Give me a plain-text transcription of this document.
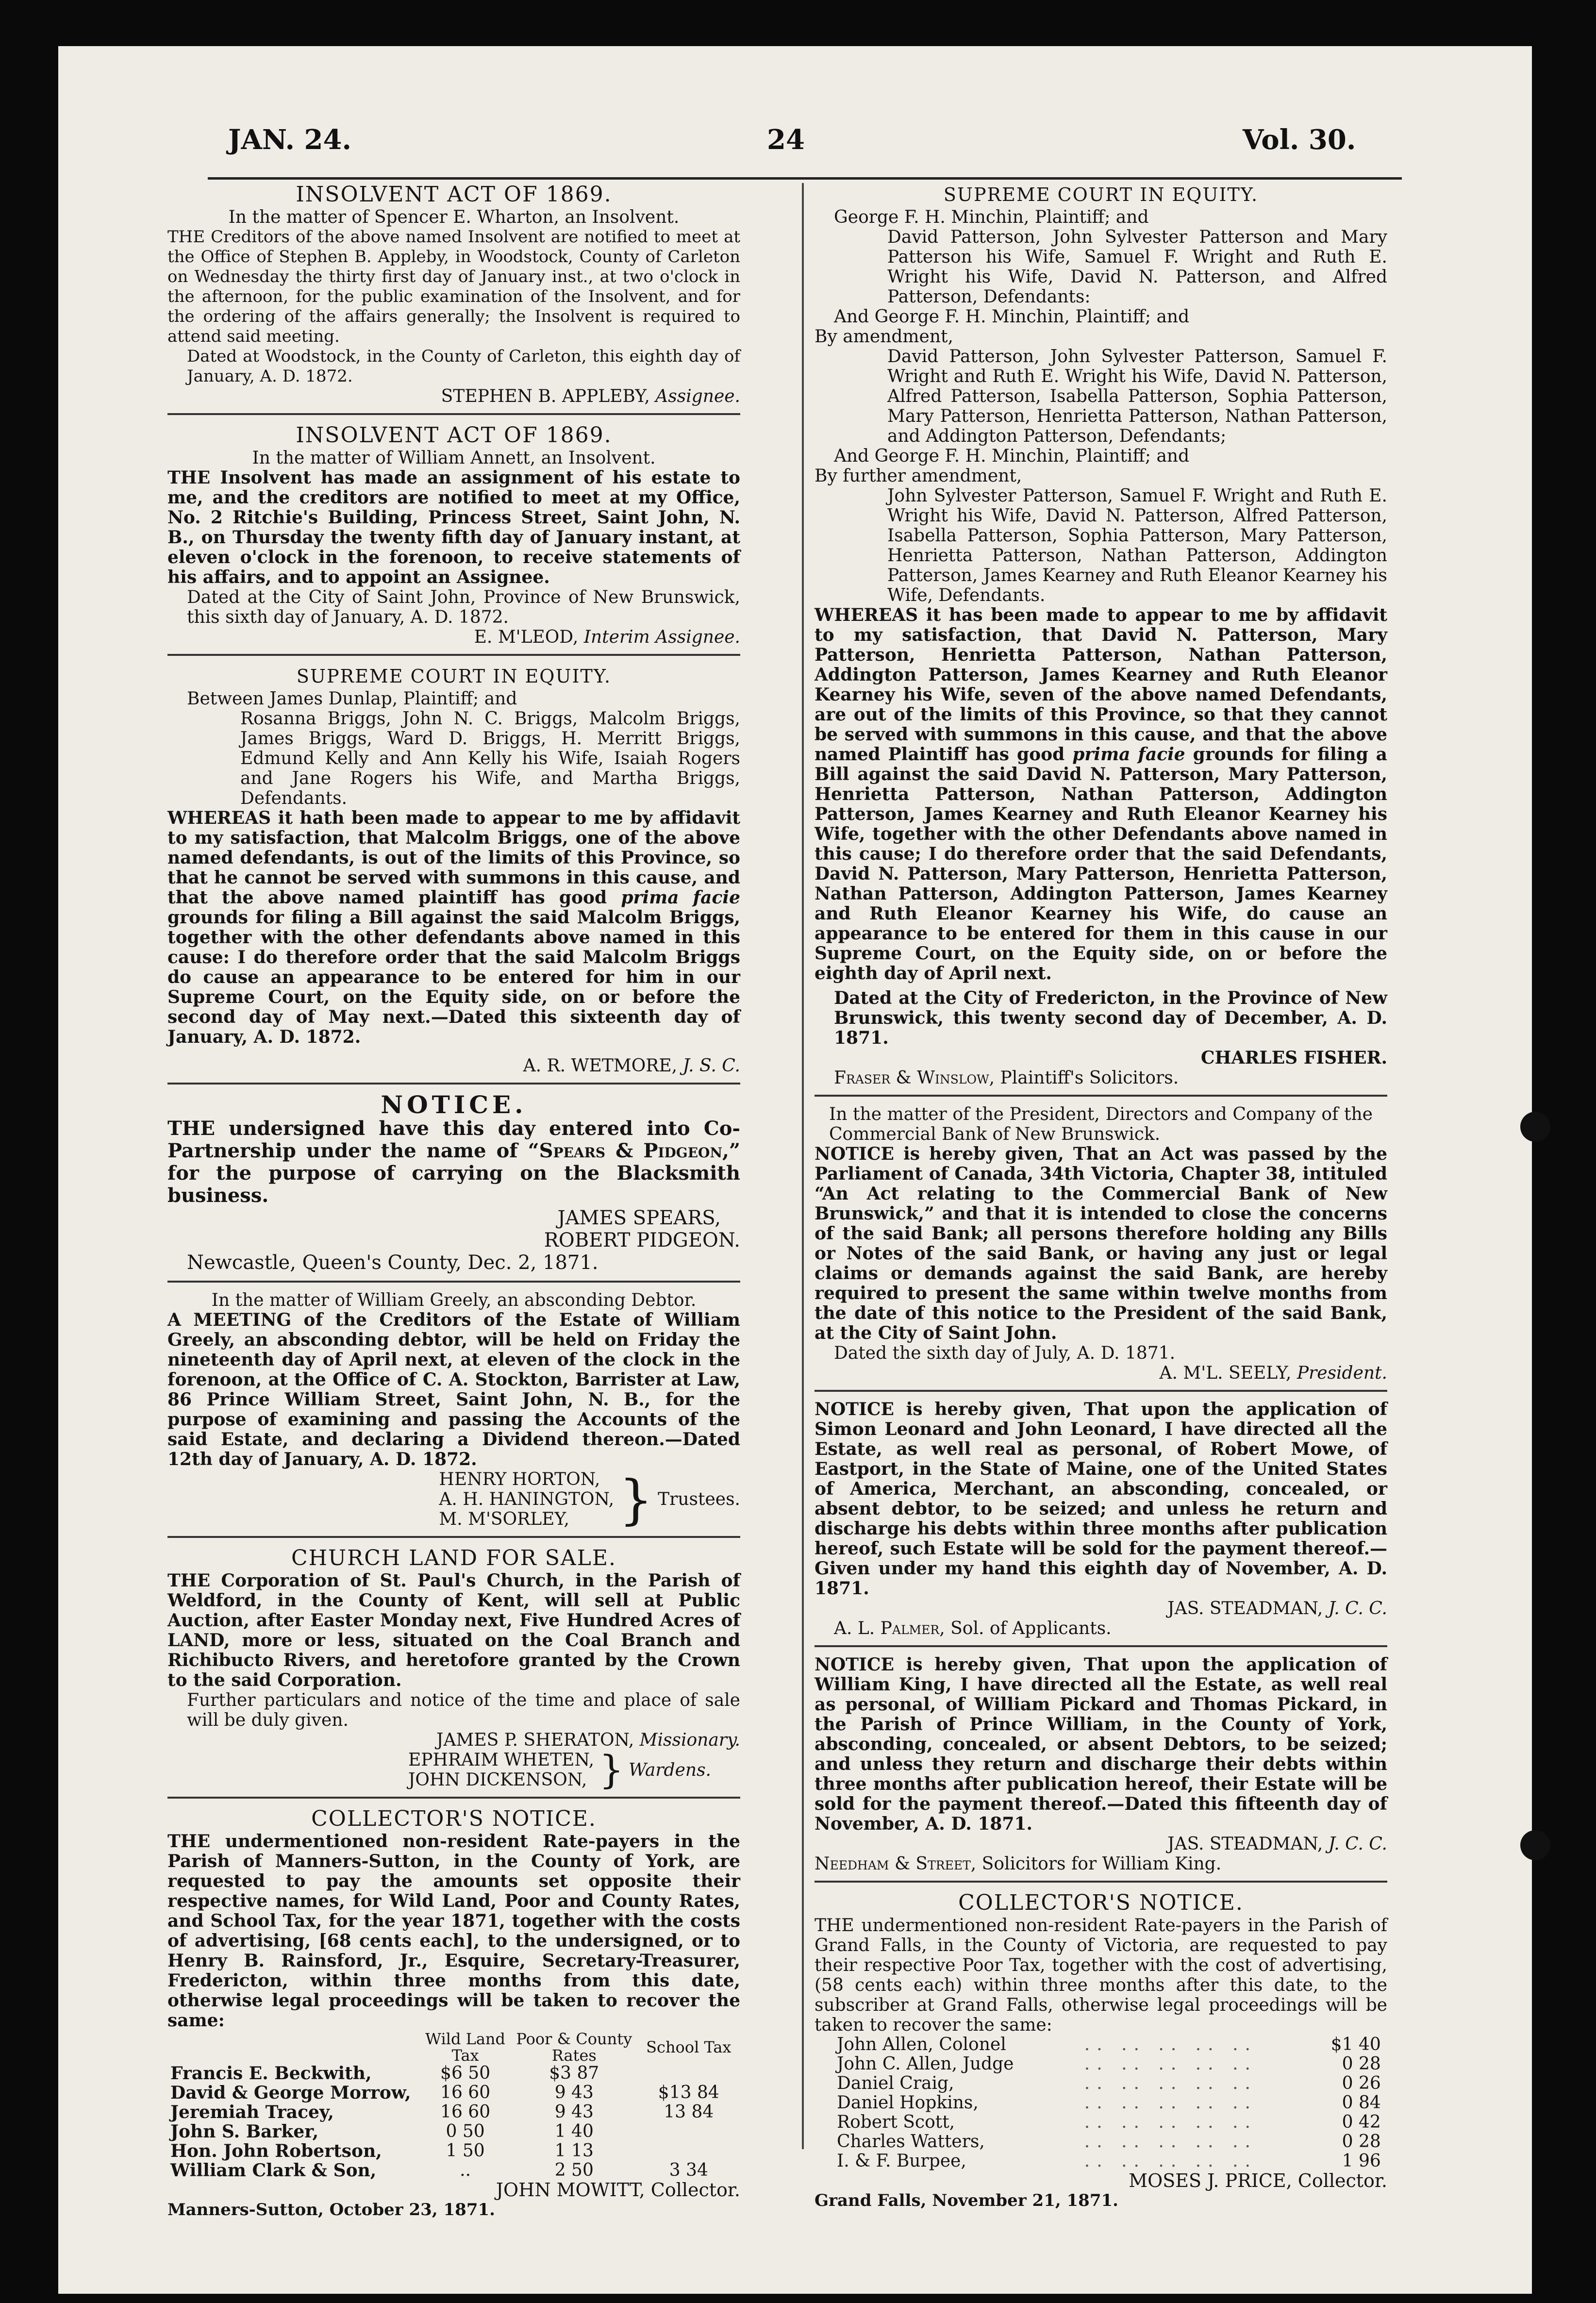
JAN. 24.	24	Vol. 30.
INSOLVENT ACT OF 1869.
In the matter of Spencer E. Wharton, an Insolvent.
THE Creditors of the above named Insolvent are notified to meet at the Office of Stephen B. Appleby, in Woodstock, County of Carleton on Wednesday the thirty first day of January inst., at two o'clock in the afternoon, for the public examination of the Insolvent, and for the ordering of the affairs generally; the Insolvent is required to attend said meeting.
Dated at Woodstock, in the County of Carleton, this eighth day of January, A. D. 1872.
STEPHEN B. APPLEBY, Assignee.
INSOLVENT ACT OF 1869.
In the matter of William Annett, an Insolvent.
THE Insolvent has made an assignment of his estate to me, and the creditors are notified to meet at my Office, No. 2 Ritchie's Building, Princess Street, Saint John, N. B., on Thursday the twenty fifth day of January instant, at eleven o'clock in the forenoon, to receive statements of his affairs, and to appoint an Assignee.
Dated at the City of Saint John, Province of New Brunswick, this sixth day of January, A. D. 1872.
E. M'LEOD, Interim Assignee.
SUPREME COURT IN EQUITY.
Between James Dunlap, Plaintiff; and
Rosanna Briggs, John N. C. Briggs, Malcolm Briggs, James Briggs, Ward D. Briggs, H. Merritt Briggs, Edmund Kelly and Ann Kelly his Wife, Isaiah Rogers and Jane Rogers his Wife, and Martha Briggs, Defendants.
WHEREAS it hath been made to appear to me by affidavit to my satisfaction, that Malcolm Briggs, one of the above named defendants, is out of the limits of this Province, so that he cannot be served with summons in this cause, and that the above named plaintiff has good prima facie grounds for filing a Bill against the said Malcolm Briggs, together with the other defendants above named in this cause: I do therefore order that the said Malcolm Briggs do cause an appearance to be entered for him in our Supreme Court, on the Equity side, on or before the second day of May next.—Dated this sixteenth day of January, A. D. 1872.
A. R. WETMORE, J. S. C.
NOTICE.
THE undersigned have this day entered into Co-Partnership under the name of “Spears & Pidgeon,” for the purpose of carrying on the Blacksmith business.
JAMES SPEARS,
ROBERT PIDGEON.
Newcastle, Queen's County, Dec. 2, 1871.
In the matter of William Greely, an absconding Debtor.
A MEETING of the Creditors of the Estate of William Greely, an absconding debtor, will be held on Friday the nineteenth day of April next, at eleven of the clock in the forenoon, at the Office of C. A. Stockton, Barrister at Law, 86 Prince William Street, Saint John, N. B., for the purpose of examining and passing the Accounts of the said Estate, and declaring a Dividend thereon.—Dated 12th day of January, A. D. 1872.
HENRY HORTON,
A. H. HANINGTON,
M. M'SORLEY, } Trustees.
CHURCH LAND FOR SALE.
THE Corporation of St. Paul's Church, in the Parish of Weldford, in the County of Kent, will sell at Public Auction, after Easter Monday next, Five Hundred Acres of LAND, more or less, situated on the Coal Branch and Richibucto Rivers, and heretofore granted by the Crown to the said Corporation.
Further particulars and notice of the time and place of sale will be duly given.
JAMES P. SHERATON, Missionary.
EPHRAIM WHETEN,
JOHN DICKENSON, } Wardens.
COLLECTOR'S NOTICE.
THE undermentioned non-resident Rate-payers in the Parish of Manners-Sutton, in the County of York, are requested to pay the amounts set opposite their respective names, for Wild Land, Poor and County Rates, and School Tax, for the year 1871, together with the costs of advertising, [68 cents each], to the undersigned, or to Henry B. Rainsford, Jr., Esquire, Secretary-Treasurer, Fredericton, within three months from this date, otherwise legal proceedings will be taken to recover the same:
	Wild Land Tax	Poor & County Rates	School Tax
Francis E. Beckwith,	$6 50	$3 87	
David & George Morrow,	16 60	9 43	$13 84
Jeremiah Tracey,	16 60	9 43	13 84
John S. Barker,	0 50	1 40	
Hon. John Robertson,	1 50	1 13	
William Clark & Son,	..	2 50	3 34
JOHN MOWITT, Collector.
Manners-Sutton, October 23, 1871.
SUPREME COURT IN EQUITY.
George F. H. Minchin, Plaintiff; and
David Patterson, John Sylvester Patterson and Mary Patterson his Wife, Samuel F. Wright and Ruth E. Wright his Wife, David N. Patterson, and Alfred Patterson, Defendants:
And George F. H. Minchin, Plaintiff; and
By amendment,
David Patterson, John Sylvester Patterson, Samuel F. Wright and Ruth E. Wright his Wife, David N. Patterson, Alfred Patterson, Isabella Patterson, Sophia Patterson, Mary Patterson, Henrietta Patterson, Nathan Patterson, and Addington Patterson, Defendants;
And George F. H. Minchin, Plaintiff; and
By further amendment,
John Sylvester Patterson, Samuel F. Wright and Ruth E. Wright his Wife, David N. Patterson, Alfred Patterson, Isabella Patterson, Sophia Patterson, Mary Patterson, Henrietta Patterson, Nathan Patterson, Addington Patterson, James Kearney and Ruth Eleanor Kearney his Wife, Defendants.
WHEREAS it has been made to appear to me by affidavit to my satisfaction, that David N. Patterson, Mary Patterson, Henrietta Patterson, Nathan Patterson, Addington Patterson, James Kearney and Ruth Eleanor Kearney his Wife, seven of the above named Defendants, are out of the limits of this Province, so that they cannot be served with summons in this cause, and that the above named Plaintiff has good prima facie grounds for filing a Bill against the said David N. Patterson, Mary Patterson, Henrietta Patterson, Nathan Patterson, Addington Patterson, James Kearney and Ruth Eleanor Kearney his Wife, together with the other Defendants above named in this cause; I do therefore order that the said Defendants, David N. Patterson, Mary Patterson, Henrietta Patterson, Nathan Patterson, Addington Patterson, James Kearney and Ruth Eleanor Kearney his Wife, do cause an appearance to be entered for them in this cause in our Supreme Court, on the Equity side, on or before the eighth day of April next.
Dated at the City of Fredericton, in the Province of New Brunswick, this twenty second day of December, A. D. 1871.
CHARLES FISHER.
Fraser & Winslow, Plaintiff's Solicitors.
In the matter of the President, Directors and Company of the Commercial Bank of New Brunswick.
NOTICE is hereby given, That an Act was passed by the Parliament of Canada, 34th Victoria, Chapter 38, intituled “An Act relating to the Commercial Bank of New Brunswick,” and that it is intended to close the concerns of the said Bank; all persons therefore holding any Bills or Notes of the said Bank, or having any just or legal claims or demands against the said Bank, are hereby required to present the same within twelve months from the date of this notice to the President of the said Bank, at the City of Saint John.
Dated the sixth day of July, A. D. 1871.
A. M'L. SEELY, President.
NOTICE is hereby given, That upon the application of Simon Leonard and John Leonard, I have directed all the Estate, as well real as personal, of Robert Mowe, of Eastport, in the State of Maine, one of the United States of America, Merchant, an absconding, concealed, or absent debtor, to be seized; and unless he return and discharge his debts within three months after publication hereof, such Estate will be sold for the payment thereof.—Given under my hand this eighth day of November, A. D. 1871.
JAS. STEADMAN, J. C. C.
A. L. Palmer, Sol. of Applicants.
NOTICE is hereby given, That upon the application of William King, I have directed all the Estate, as well real as personal, of William Pickard and Thomas Pickard, in the Parish of Prince William, in the County of York, absconding, concealed, or absent Debtors, to be seized; and unless they return and discharge their debts within three months after publication hereof, their Estate will be sold for the payment thereof.—Dated this fifteenth day of November, A. D. 1871.
JAS. STEADMAN, J. C. C.
Needham & Street, Solicitors for William King.
COLLECTOR'S NOTICE.
THE undermentioned non-resident Rate-payers in the Parish of Grand Falls, in the County of Victoria, are requested to pay their respective Poor Tax, together with the cost of advertising, (58 cents each) within three months after this date, to the subscriber at Grand Falls, otherwise legal proceedings will be taken to recover the same:
John Allen, Colonel	.. .. .. .. ..	$1 40
John C. Allen, Judge	.. .. .. .. ..	0 28
Daniel Craig,	.. .. .. .. ..	0 26
Daniel Hopkins,	.. .. .. .. ..	0 84
Robert Scott,	.. .. .. .. ..	0 42
Charles Watters,	.. .. .. .. ..	0 28
I. & F. Burpee,	.. .. .. .. ..	1 96
MOSES J. PRICE, Collector.
Grand Falls, November 21, 1871.
